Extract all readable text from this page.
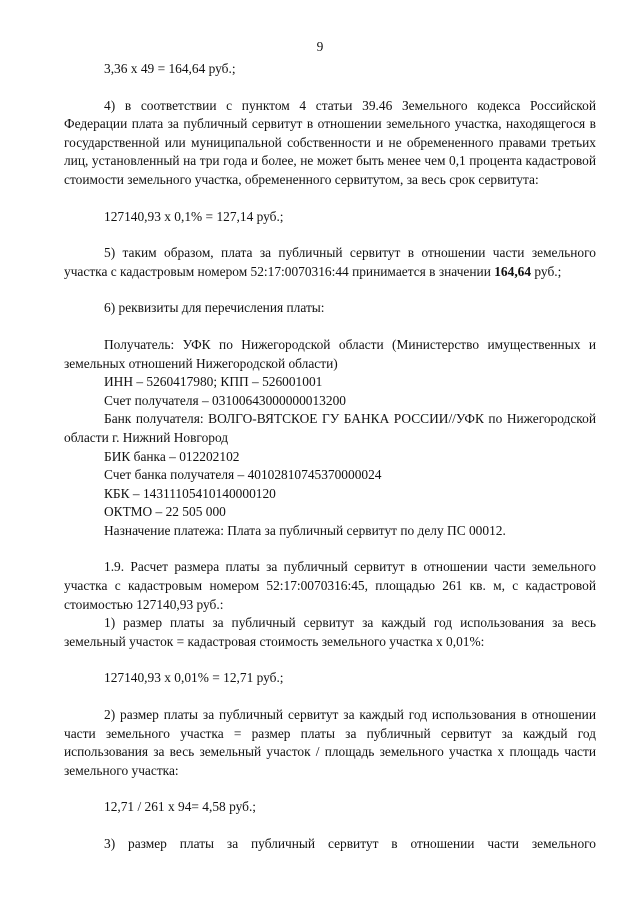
9

3,36 x 49 = 164,64 руб.;

4) в соответствии с пунктом 4 статьи 39.46 Земельного кодекса Российской Федерации плата за публичный сервитут в отношении земельного участка, находящегося в государственной или муниципальной собственности и не обремененного правами третьих лиц, установленный на три года и более, не может быть менее чем 0,1 процента кадастровой стоимости земельного участка, обремененного сервитутом, за весь срок сервитута:

127140,93 x 0,1% = 127,14 руб.;

5) таким образом, плата за публичный сервитут в отношении части земельного участка с кадастровым номером 52:17:0070316:44 принимается в значении 164,64 руб.;

6) реквизиты для перечисления платы:

Получатель: УФК по Нижегородской области (Министерство имущественных и земельных отношений Нижегородской области)

ИНН – 5260417980; КПП – 526001001

Счет получателя – 03100643000000013200

Банк получателя: ВОЛГО-ВЯТСКОЕ ГУ БАНКА РОССИИ//УФК по Нижегородской области г. Нижний Новгород

БИК банка – 012202102

Счет банка получателя – 40102810745370000024

КБК – 14311105410140000120

ОКТМО – 22 505 000

Назначение платежа: Плата за публичный сервитут по делу ПС 00012.

1.9. Расчет размера платы за публичный сервитут в отношении части земельного участка с кадастровым номером 52:17:0070316:45, площадью 261 кв. м, с кадастровой стоимостью 127140,93 руб.:

1) размер платы за публичный сервитут за каждый год использования за весь земельный участок = кадастровая стоимость земельного участка x 0,01%:

127140,93 x 0,01% = 12,71 руб.;

2) размер платы за публичный сервитут за каждый год использования в отношении части земельного участка = размер платы за публичный сервитут за каждый год использования за весь земельный участок / площадь земельного участка x площадь части земельного участка:

12,71 / 261 x 94= 4,58 руб.;

3) размер платы за публичный сервитут в отношении части земельного
